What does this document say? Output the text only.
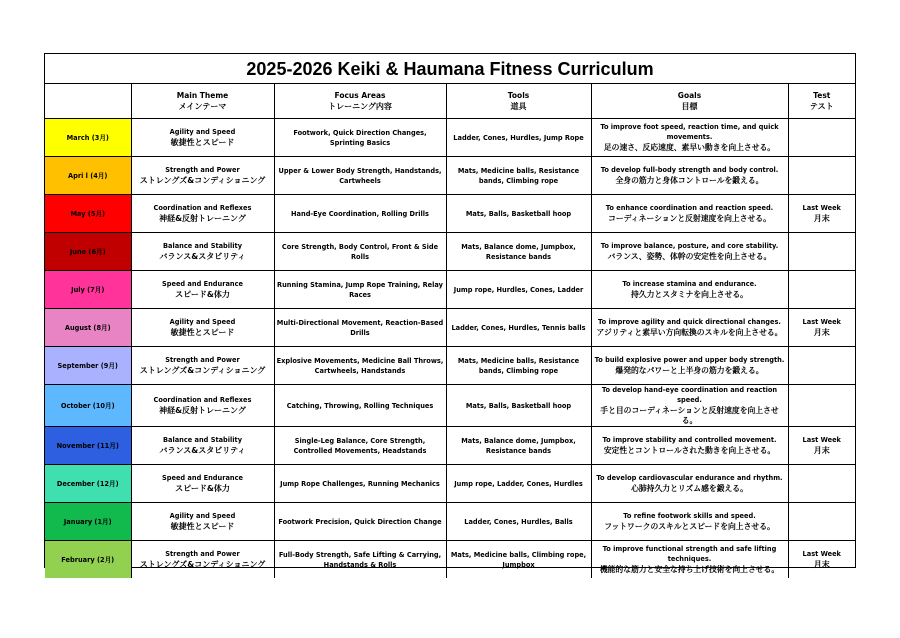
2025-2026 Keiki & Haumana Fitness Curriculum

	Main Theme
メインテーマ	Focus Areas
トレーニング内容	Tools
道具	Goals
目標	Test
テスト

March (3月)	Agility and Speed
敏捷性とスピード	Footwork, Quick Direction Changes, Sprinting Basics	Ladder, Cones, Hurdles, Jump Rope	To improve foot speed, reaction time, and quick movements.
足の速さ、反応速度、素早い動きを向上させる。	

Apri l (4月)	Strength and Power
ストレングズ&コンディショニング	Upper & Lower Body Strength, Handstands, Cartwheels	Mats, Medicine balls, Resistance bands, Climbing rope	To develop full-body strength and body control.
全身の筋力と身体コントロールを鍛える。	

May (5月)	Coordination and Reflexes
神経&反射トレーニング	Hand-Eye Coordination, Rolling Drills	Mats, Balls, Basketball hoop	To enhance coordination and reaction speed.
コーディネーションと反射速度を向上させる。	Last Week
月末

June (6月)	Balance and Stability
バランス&スタビリティ	Core Strength, Body Control, Front & Side Rolls	Mats, Balance dome, Jumpbox, Resistance bands	To improve balance, posture, and core stability.
バランス、姿勢、体幹の安定性を向上させる。	

July (7月)	Speed and Endurance
スピード&体力	Running Stamina, Jump Rope Training, Relay Races	Jump rope, Hurdles, Cones, Ladder	To increase stamina and endurance.
持久力とスタミナを向上させる。	

August (8月)	Agility and Speed
敏捷性とスピード	Multi-Directional Movement, Reaction-Based Drills	Ladder, Cones, Hurdles, Tennis balls	To improve agility and quick directional changes.
アジリティと素早い方向転換のスキルを向上させる。	Last Week
月末

September (9月)	Strength and Power
ストレングズ&コンディショニング	Explosive Movements, Medicine Ball Throws, Cartwheels, Handstands	Mats, Medicine balls, Resistance bands, Climbing rope	To build explosive power and upper body strength.
爆発的なパワーと上半身の筋力を鍛える。	

October (10月)	Coordination and Reflexes
神経&反射トレーニング	Catching, Throwing, Rolling Techniques	Mats, Balls, Basketball hoop	To develop hand-eye coordination and reaction speed.
手と目のコーディネーションと反射速度を向上させる。	

November (11月)	Balance and Stability
バランス&スタビリティ	Single-Leg Balance, Core Strength, Controlled Movements, Headstands	Mats, Balance dome, Jumpbox, Resistance bands	To improve stability and controlled movement.
安定性とコントロールされた動きを向上させる。	Last Week
月末

December (12月)	Speed and Endurance
スピード&体力	Jump Rope Challenges, Running Mechanics	Jump rope, Ladder, Cones, Hurdles	To develop cardiovascular endurance and rhythm.
心肺持久力とリズム感を鍛える。	

January (1月)	Agility and Speed
敏捷性とスピード	Footwork Precision, Quick Direction Change	Ladder, Cones, Hurdles, Balls	To refine footwork skills and speed.
フットワークのスキルとスピードを向上させる。	

February (2月)	Strength and Power
ストレングズ&コンディショニング	Full-Body Strength, Safe Lifting & Carrying, Handstands & Rolls	Mats, Medicine balls, Climbing rope, Jumpbox	To improve functional strength and safe lifting techniques.
機能的な筋力と安全な持ち上げ技術を向上させる。	Last Week
月末
